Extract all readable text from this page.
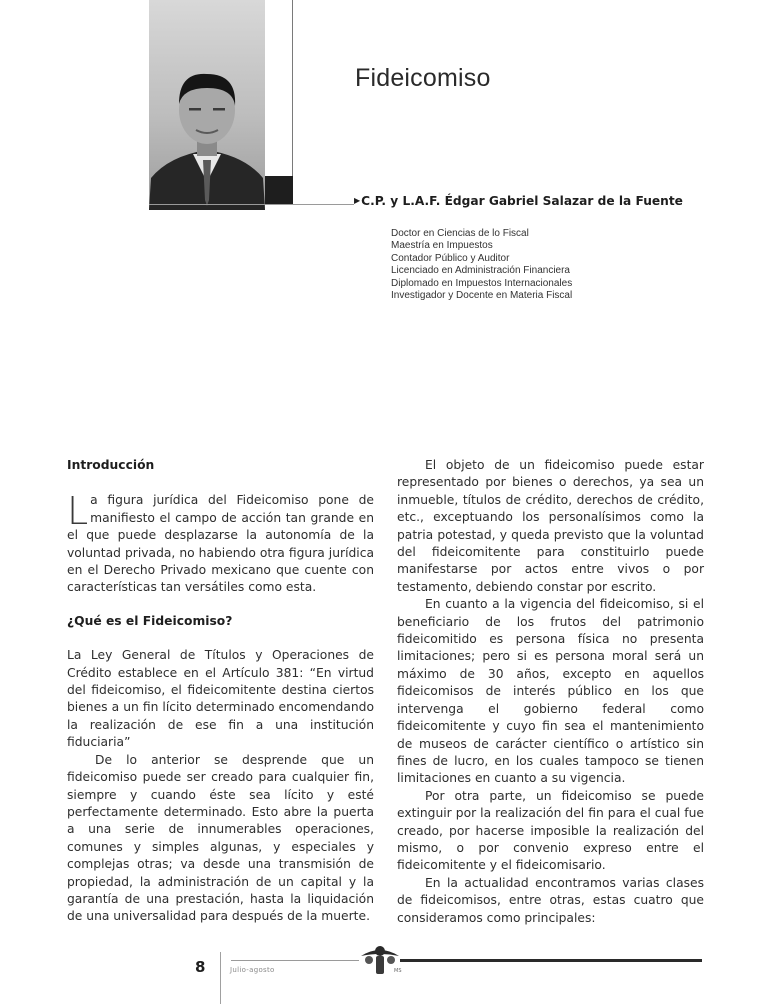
Fideicomiso
▶C.P. y L.A.F. Édgar Gabriel Salazar de la Fuente
Doctor en Ciencias de lo Fiscal
Maestría en Impuestos
Contador Público y Auditor
Licenciado en Administración Financiera
Diplomado en Impuestos Internacionales
Investigador y Docente en Materia Fiscal
Introducción

La figura jurídica del Fideicomiso pone de manifiesto el campo de acción tan grande en el que puede desplazarse la autonomía de la voluntad privada, no habiendo otra figura jurídica en el Derecho Privado mexicano que cuente con características tan versátiles como esta.

¿Qué es el Fideicomiso?

La Ley General de Títulos y Operaciones de Crédito establece en el Artículo 381: “En virtud del fideicomiso, el fideicomitente destina ciertos bienes a un fin lícito determinado encomendando la realización de ese fin a una institución fiduciaria”

De lo anterior se desprende que un fideicomiso puede ser creado para cualquier fin, siempre y cuando éste sea lícito y esté perfectamente determinado. Esto abre la puerta a una serie de innumerables operaciones, comunes y simples algunas, y especiales y complejas otras; va desde una transmisión de propiedad, la administración de un capital y la garantía de una prestación, hasta la liquidación de una universalidad para después de la muerte.

El objeto de un fideicomiso puede estar representado por bienes o derechos, ya sea un inmueble, títulos de crédito, derechos de crédito, etc., exceptuando los personalísimos como la patria potestad, y queda previsto que la voluntad del fideicomitente para constituirlo puede manifestarse por actos entre vivos o por testamento, debiendo constar por escrito.

En cuanto a la vigencia del fideicomiso, si el beneficiario de los frutos del patrimonio fideicomitido es persona física no presenta limitaciones; pero si es persona moral será un máximo de 30 años, excepto en aquellos fideicomisos de interés público en los que intervenga el gobierno federal como fideicomitente y cuyo fin sea el mantenimiento de museos de carácter científico o artístico sin fines de lucro, en los cuales tampoco se tienen limitaciones en cuanto a su vigencia.

Por otra parte, un fideicomiso se puede extinguir por la realización del fin para el cual fue creado, por hacerse imposible la realización del mismo, o por convenio expreso entre el fideicomitente y el fideicomisario.

En la actualidad encontramos varias clases de fideicomisos, entre otras, estas cuatro que consideramos como principales:

8	Julio-agosto	MS
